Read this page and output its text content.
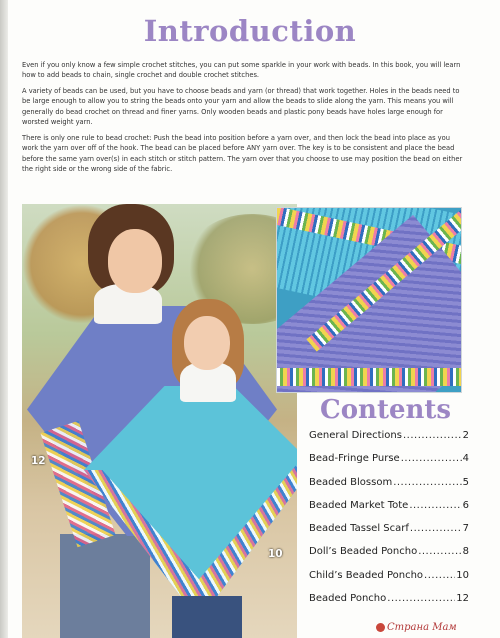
Introduction

Even if you only know a few simple crochet stitches, you can put some sparkle in your work with beads. In this book, you will learn how to add beads to chain, single crochet and double crochet stitches.

A variety of beads can be used, but you have to choose beads and yarn (or thread) that work together. Holes in the beads need to be large enough to allow you to string the beads onto your yarn and allow the beads to slide along the yarn. This means you will generally do bead crochet on thread and finer yarns. Only wooden beads and plastic pony beads have holes large enough for worsted weight yarn.

There is only one rule to bead crochet: Push the bead into position before a yarn over, and then lock the bead into place as you work the yarn over off of the hook. The bead can be placed before ANY yarn over. The key is to be consistent and place the bead before the same yarn over(s) in each stitch or stitch pattern. The yarn over that you choose to use may position the bead on either the right side or the wrong side of the fabric.

12
10
Contents
General Directions .....	2
Bead-Fringe Purse .....	4
Beaded Blossom .....	5
Beaded Market Tote .....	6
Beaded Tassel Scarf .....	7
Doll’s Beaded Poncho .....	8
Child’s Beaded Poncho .....	10
Beaded Poncho .....	12
Страна Мам
